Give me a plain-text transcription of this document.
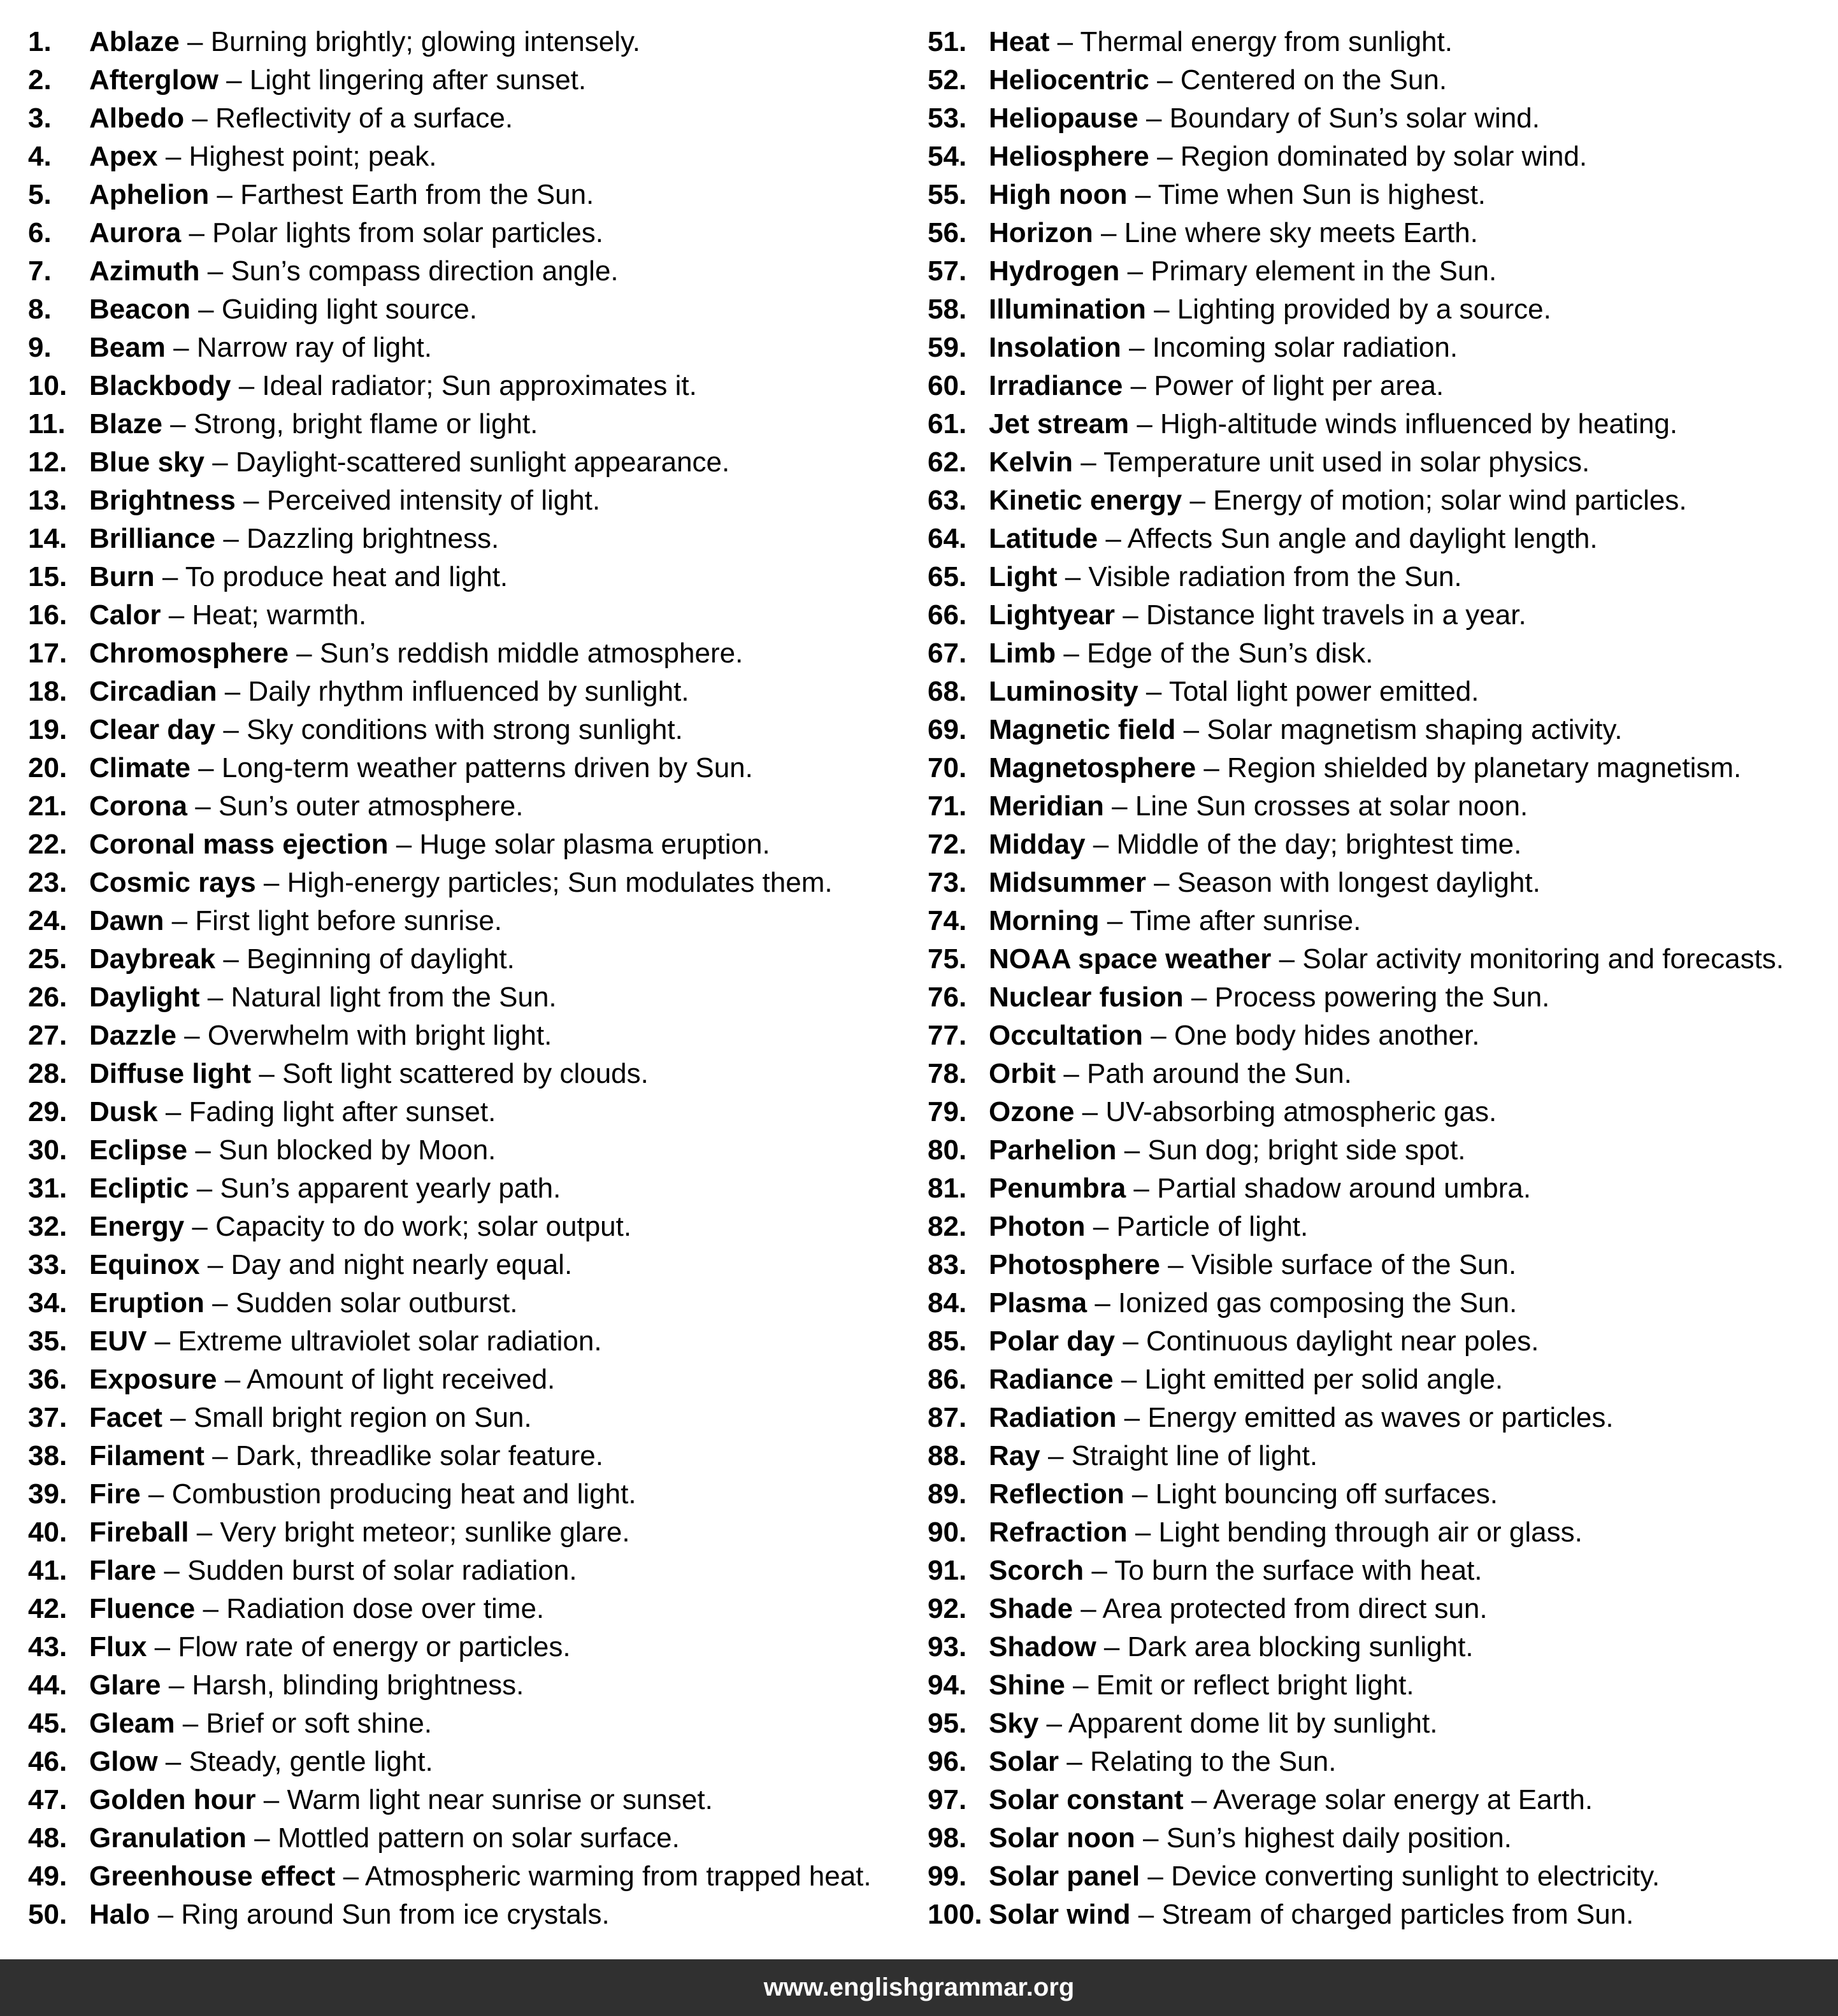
1. Ablaze – Burning brightly; glowing intensely.
2. Afterglow – Light lingering after sunset.
3. Albedo – Reflectivity of a surface.
4. Apex – Highest point; peak.
5. Aphelion – Farthest Earth from the Sun.
6. Aurora – Polar lights from solar particles.
7. Azimuth – Sun’s compass direction angle.
8. Beacon – Guiding light source.
9. Beam – Narrow ray of light.
10. Blackbody – Ideal radiator; Sun approximates it.
11. Blaze – Strong, bright flame or light.
12. Blue sky – Daylight-scattered sunlight appearance.
13. Brightness – Perceived intensity of light.
14. Brilliance – Dazzling brightness.
15. Burn – To produce heat and light.
16. Calor – Heat; warmth.
17. Chromosphere – Sun’s reddish middle atmosphere.
18. Circadian – Daily rhythm influenced by sunlight.
19. Clear day – Sky conditions with strong sunlight.
20. Climate – Long-term weather patterns driven by Sun.
21. Corona – Sun’s outer atmosphere.
22. Coronal mass ejection – Huge solar plasma eruption.
23. Cosmic rays – High-energy particles; Sun modulates them.
24. Dawn – First light before sunrise.
25. Daybreak – Beginning of daylight.
26. Daylight – Natural light from the Sun.
27. Dazzle – Overwhelm with bright light.
28. Diffuse light – Soft light scattered by clouds.
29. Dusk – Fading light after sunset.
30. Eclipse – Sun blocked by Moon.
31. Ecliptic – Sun’s apparent yearly path.
32. Energy – Capacity to do work; solar output.
33. Equinox – Day and night nearly equal.
34. Eruption – Sudden solar outburst.
35. EUV – Extreme ultraviolet solar radiation.
36. Exposure – Amount of light received.
37. Facet – Small bright region on Sun.
38. Filament – Dark, threadlike solar feature.
39. Fire – Combustion producing heat and light.
40. Fireball – Very bright meteor; sunlike glare.
41. Flare – Sudden burst of solar radiation.
42. Fluence – Radiation dose over time.
43. Flux – Flow rate of energy or particles.
44. Glare – Harsh, blinding brightness.
45. Gleam – Brief or soft shine.
46. Glow – Steady, gentle light.
47. Golden hour – Warm light near sunrise or sunset.
48. Granulation – Mottled pattern on solar surface.
49. Greenhouse effect – Atmospheric warming from trapped heat.
50. Halo – Ring around Sun from ice crystals.
51. Heat – Thermal energy from sunlight.
52. Heliocentric – Centered on the Sun.
53. Heliopause – Boundary of Sun’s solar wind.
54. Heliosphere – Region dominated by solar wind.
55. High noon – Time when Sun is highest.
56. Horizon – Line where sky meets Earth.
57. Hydrogen – Primary element in the Sun.
58. Illumination – Lighting provided by a source.
59. Insolation – Incoming solar radiation.
60. Irradiance – Power of light per area.
61. Jet stream – High-altitude winds influenced by heating.
62. Kelvin – Temperature unit used in solar physics.
63. Kinetic energy – Energy of motion; solar wind particles.
64. Latitude – Affects Sun angle and daylight length.
65. Light – Visible radiation from the Sun.
66. Lightyear – Distance light travels in a year.
67. Limb – Edge of the Sun’s disk.
68. Luminosity – Total light power emitted.
69. Magnetic field – Solar magnetism shaping activity.
70. Magnetosphere – Region shielded by planetary magnetism.
71. Meridian – Line Sun crosses at solar noon.
72. Midday – Middle of the day; brightest time.
73. Midsummer – Season with longest daylight.
74. Morning – Time after sunrise.
75. NOAA space weather – Solar activity monitoring and forecasts.
76. Nuclear fusion – Process powering the Sun.
77. Occultation – One body hides another.
78. Orbit – Path around the Sun.
79. Ozone – UV-absorbing atmospheric gas.
80. Parhelion – Sun dog; bright side spot.
81. Penumbra – Partial shadow around umbra.
82. Photon – Particle of light.
83. Photosphere – Visible surface of the Sun.
84. Plasma – Ionized gas composing the Sun.
85. Polar day – Continuous daylight near poles.
86. Radiance – Light emitted per solid angle.
87. Radiation – Energy emitted as waves or particles.
88. Ray – Straight line of light.
89. Reflection – Light bouncing off surfaces.
90. Refraction – Light bending through air or glass.
91. Scorch – To burn the surface with heat.
92. Shade – Area protected from direct sun.
93. Shadow – Dark area blocking sunlight.
94. Shine – Emit or reflect bright light.
95. Sky – Apparent dome lit by sunlight.
96. Solar – Relating to the Sun.
97. Solar constant – Average solar energy at Earth.
98. Solar noon – Sun’s highest daily position.
99. Solar panel – Device converting sunlight to electricity.
100. Solar wind – Stream of charged particles from Sun.
www.englishgrammar.org
